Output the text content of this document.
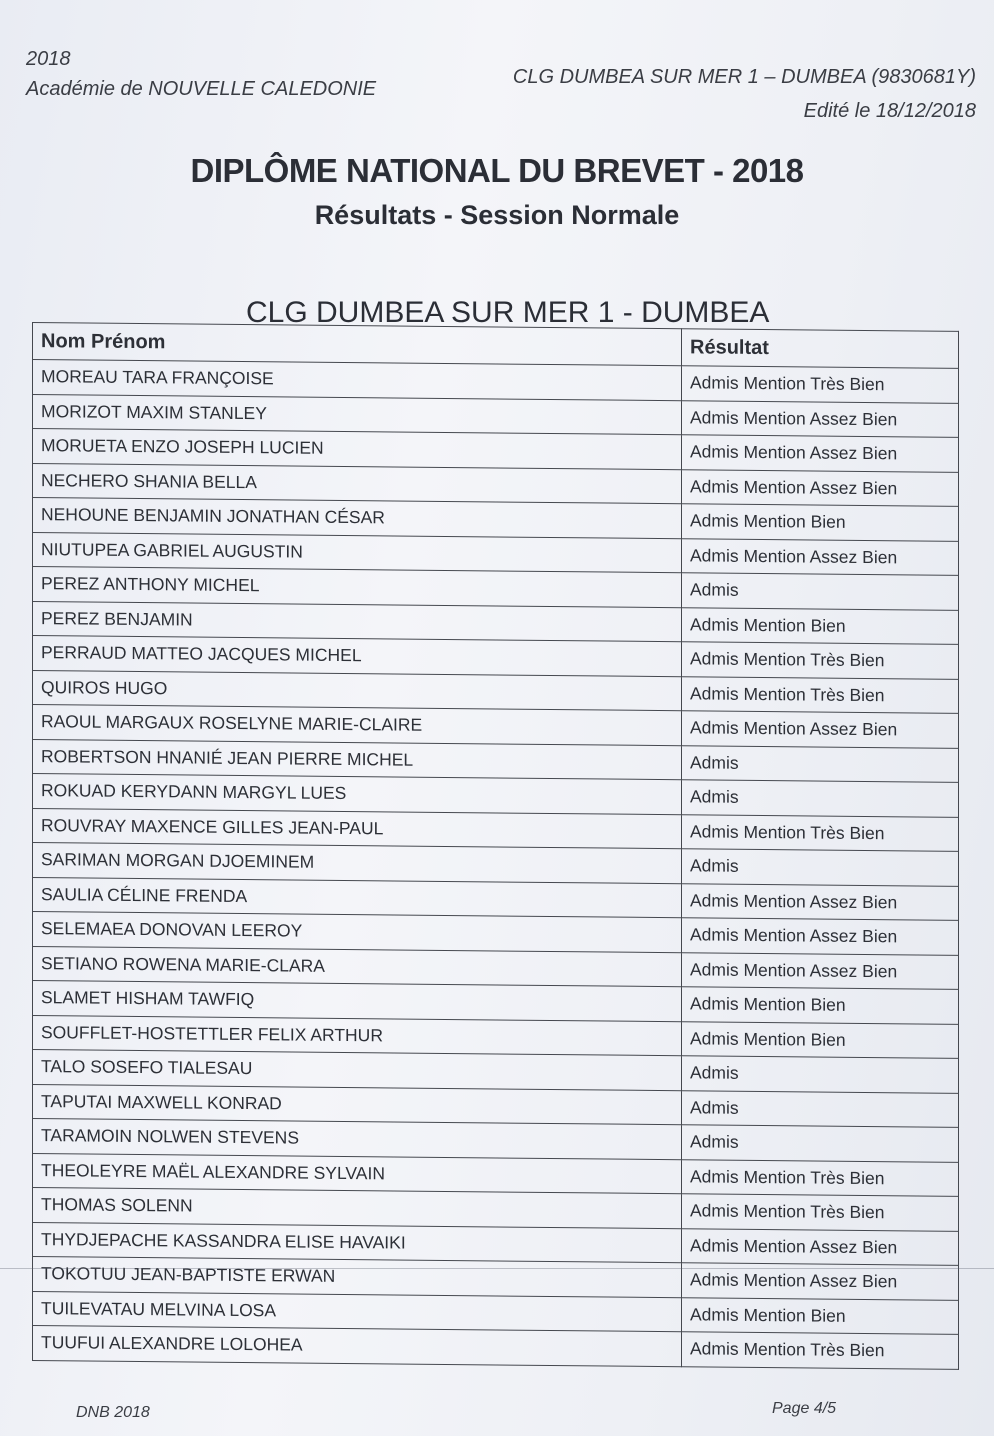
2018
Académie de NOUVELLE CALEDONIE
CLG DUMBEA SUR MER 1 – DUMBEA (9830681Y)
Edité le 18/12/2018
DIPLÔME NATIONAL DU BREVET - 2018
Résultats - Session Normale
CLG DUMBEA SUR MER 1 - DUMBEA
Nom Prénom	Résultat
MOREAU TARA FRANÇOISE	Admis Mention Très Bien
MORIZOT MAXIM STANLEY	Admis Mention Assez Bien
MORUETA ENZO JOSEPH LUCIEN	Admis Mention Assez Bien
NECHERO SHANIA BELLA	Admis Mention Assez Bien
NEHOUNE BENJAMIN JONATHAN CÉSAR	Admis Mention Bien
NIUTUPEA GABRIEL AUGUSTIN	Admis Mention Assez Bien
PEREZ ANTHONY MICHEL	Admis
PEREZ BENJAMIN	Admis Mention Bien
PERRAUD MATTEO JACQUES MICHEL	Admis Mention Très Bien
QUIROS HUGO	Admis Mention Très Bien
RAOUL MARGAUX ROSELYNE MARIE-CLAIRE	Admis Mention Assez Bien
ROBERTSON HNANIÉ JEAN PIERRE MICHEL	Admis
ROKUAD KERYDANN MARGYL LUES	Admis
ROUVRAY MAXENCE GILLES JEAN-PAUL	Admis Mention Très Bien
SARIMAN MORGAN DJOEMINEM	Admis
SAULIA CÉLINE FRENDA	Admis Mention Assez Bien
SELEMAEA DONOVAN LEEROY	Admis Mention Assez Bien
SETIANO ROWENA MARIE-CLARA	Admis Mention Assez Bien
SLAMET HISHAM TAWFIQ	Admis Mention Bien
SOUFFLET-HOSTETTLER FELIX ARTHUR	Admis Mention Bien
TALO SOSEFO TIALESAU	Admis
TAPUTAI MAXWELL KONRAD	Admis
TARAMOIN NOLWEN STEVENS	Admis
THEOLEYRE MAËL ALEXANDRE SYLVAIN	Admis Mention Très Bien
THOMAS SOLENN	Admis Mention Très Bien
THYDJEPACHE KASSANDRA ELISE HAVAIKI	Admis Mention Assez Bien
TOKOTUU JEAN-BAPTISTE ERWAN	Admis Mention Assez Bien
TUILEVATAU MELVINA LOSA	Admis Mention Bien
TUUFUI ALEXANDRE LOLOHEA	Admis Mention Très Bien
DNB 2018	Page 4/5
